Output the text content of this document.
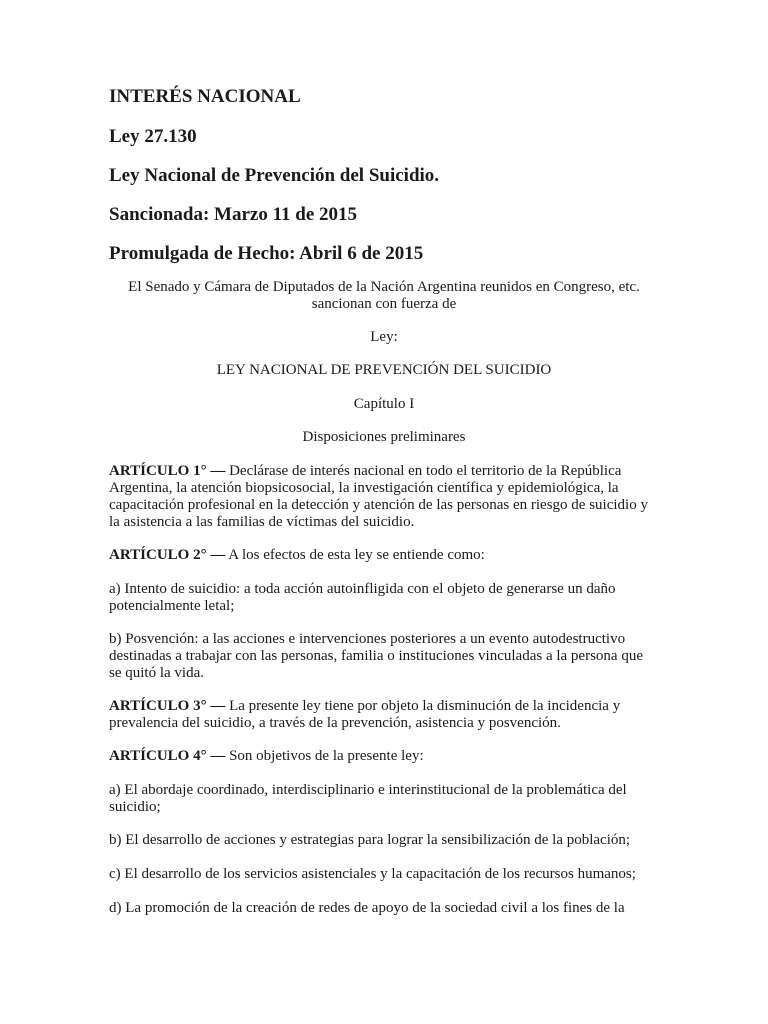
INTERÉS NACIONAL
Ley 27.130
Ley Nacional de Prevención del Suicidio.
Sancionada: Marzo 11 de 2015
Promulgada de Hecho: Abril 6 de 2015
El Senado y Cámara de Diputados de la Nación Argentina reunidos en Congreso, etc.
sancionan con fuerza de
Ley:
LEY NACIONAL DE PREVENCIÓN DEL SUICIDIO
Capítulo I
Disposiciones preliminares
ARTÍCULO 1° — Declárase de interés nacional en todo el territorio de la República Argentina, la atención biopsicosocial, la investigación científica y epidemiológica, la capacitación profesional en la detección y atención de las personas en riesgo de suicidio y la asistencia a las familias de víctimas del suicidio.
ARTÍCULO 2° — A los efectos de esta ley se entiende como:
a) Intento de suicidio: a toda acción autoinfligida con el objeto de generarse un daño potencialmente letal;
b) Posvención: a las acciones e intervenciones posteriores a un evento autodestructivo destinadas a trabajar con las personas, familia o instituciones vinculadas a la persona que se quitó la vida.
ARTÍCULO 3° — La presente ley tiene por objeto la disminución de la incidencia y prevalencia del suicidio, a través de la prevención, asistencia y posvención.
ARTÍCULO 4° — Son objetivos de la presente ley:
a) El abordaje coordinado, interdisciplinario e interinstitucional de la problemática del suicidio;
b) El desarrollo de acciones y estrategias para lograr la sensibilización de la población;
c) El desarrollo de los servicios asistenciales y la capacitación de los recursos humanos;
d) La promoción de la creación de redes de apoyo de la sociedad civil a los fines de la
